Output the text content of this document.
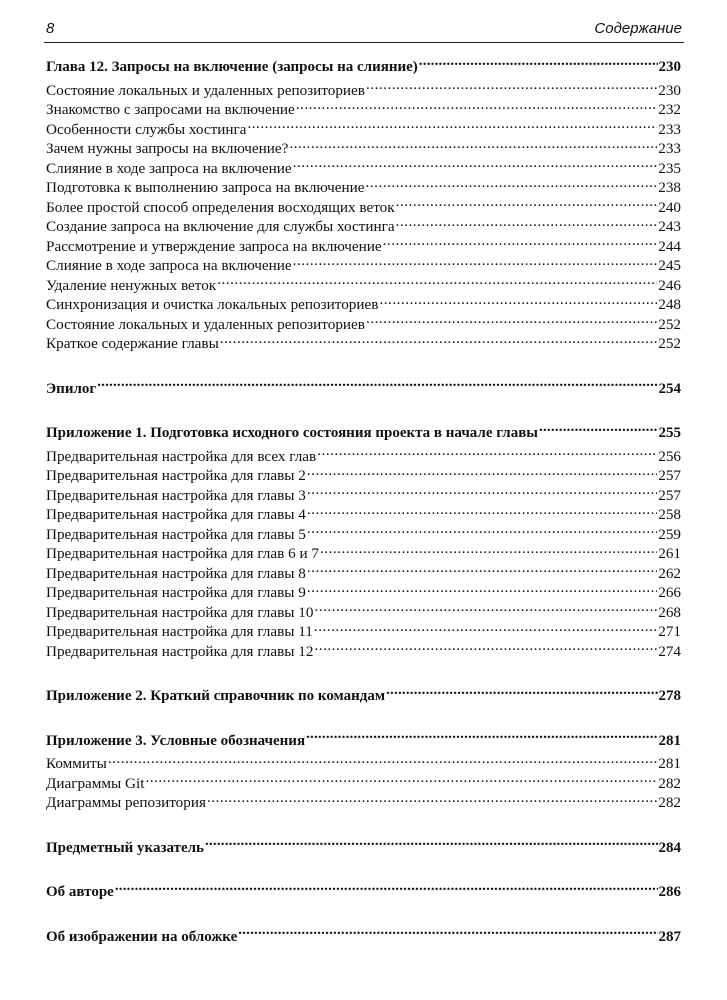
8	Содержание
Глава 12. Запросы на включение (запросы на слияние) .....	230
Состояние локальных и удаленных репозиториев .....	230
Знакомство с запросами на включение .....	232
Особенности службы хостинга .....	233
Зачем нужны запросы на включение? .....	233
Слияние в ходе запроса на включение .....	235
Подготовка к выполнению запроса на включение .....	238
Более простой способ определения восходящих веток .....	240
Создание запроса на включение для службы хостинга .....	243
Рассмотрение и утверждение запроса на включение .....	244
Слияние в ходе запроса на включение .....	245
Удаление ненужных веток .....	246
Синхронизация и очистка локальных репозиториев .....	248
Состояние локальных и удаленных репозиториев .....	252
Краткое содержание главы .....	252
Эпилог .....	254
Приложение 1. Подготовка исходного состояния проекта в начале главы .....	255
Предварительная настройка для всех глав .....	256
Предварительная настройка для главы 2 .....	257
Предварительная настройка для главы 3 .....	257
Предварительная настройка для главы 4 .....	258
Предварительная настройка для главы 5 .....	259
Предварительная настройка для глав 6 и 7 .....	261
Предварительная настройка для главы 8 .....	262
Предварительная настройка для главы 9 .....	266
Предварительная настройка для главы 10 .....	268
Предварительная настройка для главы 11 .....	271
Предварительная настройка для главы 12 .....	274
Приложение 2. Краткий справочник по командам .....	278
Приложение 3. Условные обозначения .....	281
Коммиты .....	281
Диаграммы Git .....	282
Диаграммы репозитория .....	282
Предметный указатель .....	284
Об авторе .....	286
Об изображении на обложке .....	287
